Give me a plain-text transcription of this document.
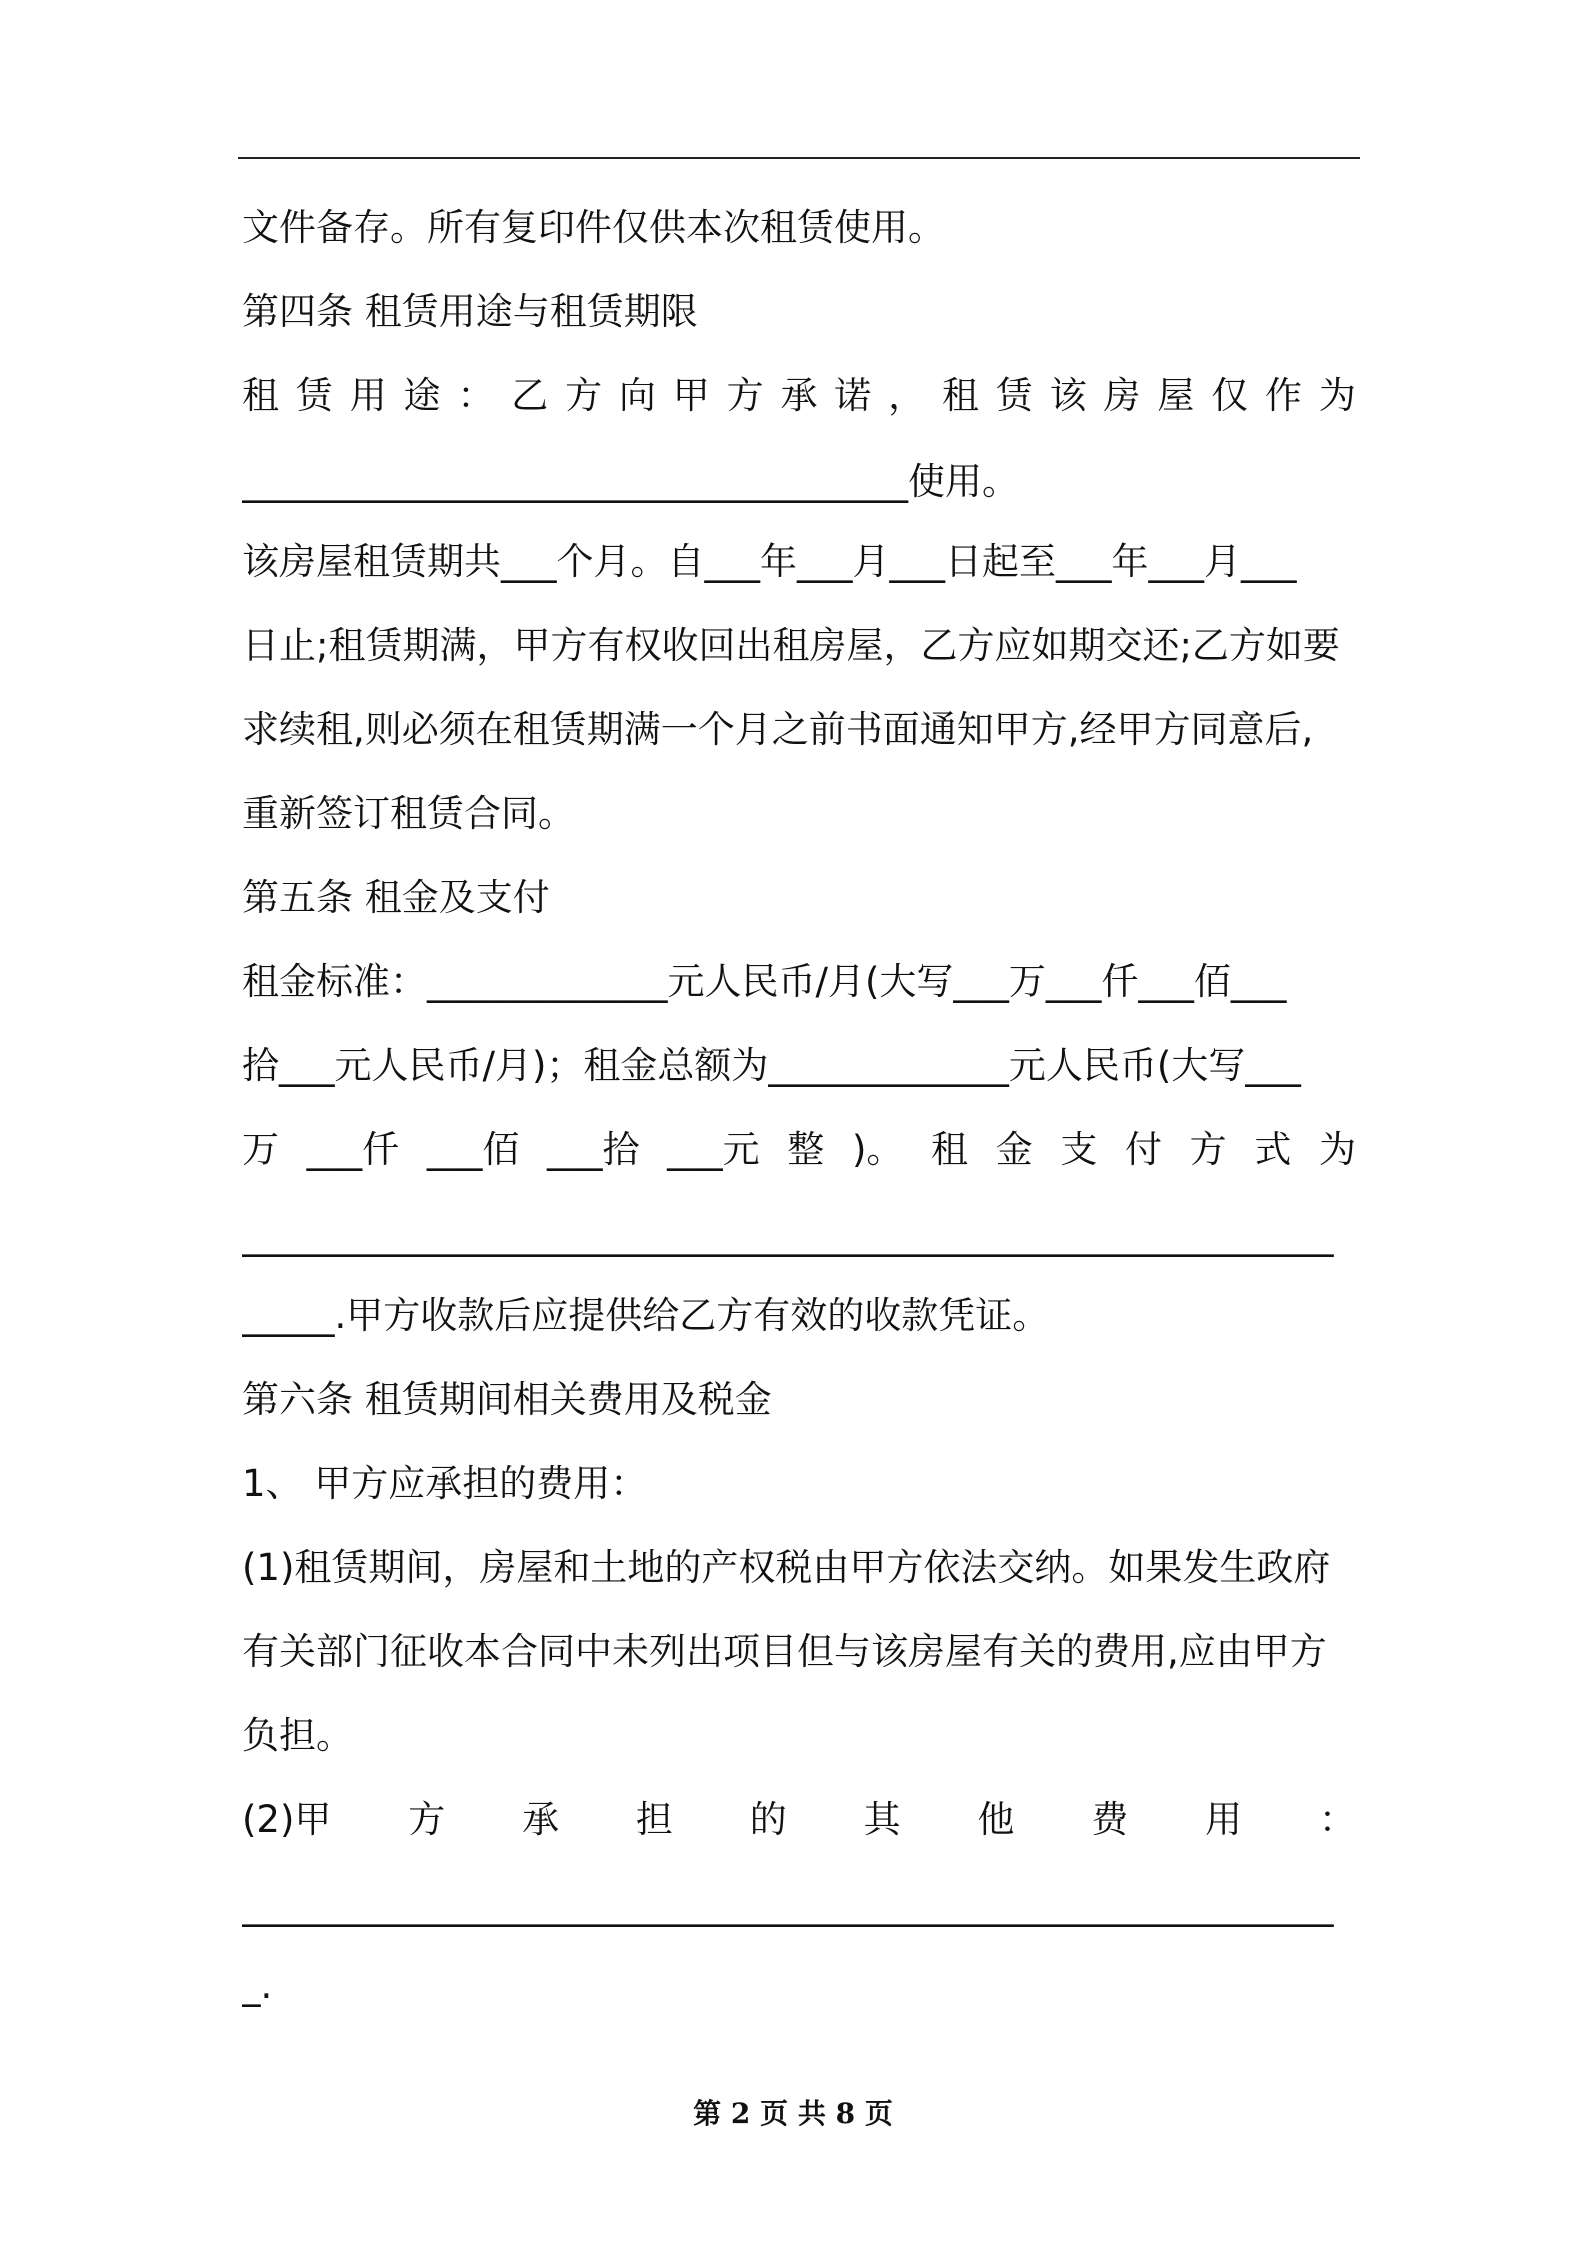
文件备存。所有复印件仅供本次租赁使用。

第四条 租赁用途与租赁期限

租 赁 用 途 ： 乙 方 向 甲 方 承 诺 ， 租 赁 该 房 屋 仅 作 为

____________________________________使用。

该房屋租赁期共___个月。自___年___月___日起至___年___月___

日止;租赁期满，甲方有权收回出租房屋，乙方应如期交还;乙方如要

求续租,则必须在租赁期满一个月之前书面通知甲方,经甲方同意后,

重新签订租赁合同。

第五条 租金及支付

租金标准：_____________元人民币/月(大写___万___仟___佰___

拾___元人民币/月)；租金总额为_____________元人民币(大写___

万 ___仟 ___佰 ___拾 ___元 整 )。 租 金 支 付 方 式 为

___________________________________________________________

_____.甲方收款后应提供给乙方有效的收款凭证。

第六条 租赁期间相关费用及税金

1、 甲方应承担的费用：

(1)租赁期间，房屋和土地的产权税由甲方依法交纳。如果发生政府

有关部门征收本合同中未列出项目但与该房屋有关的费用,应由甲方

负担。

(2)甲 方 承 担 的 其 他 费 用 ：

___________________________________________________________

_.

第 2 页 共 8 页
